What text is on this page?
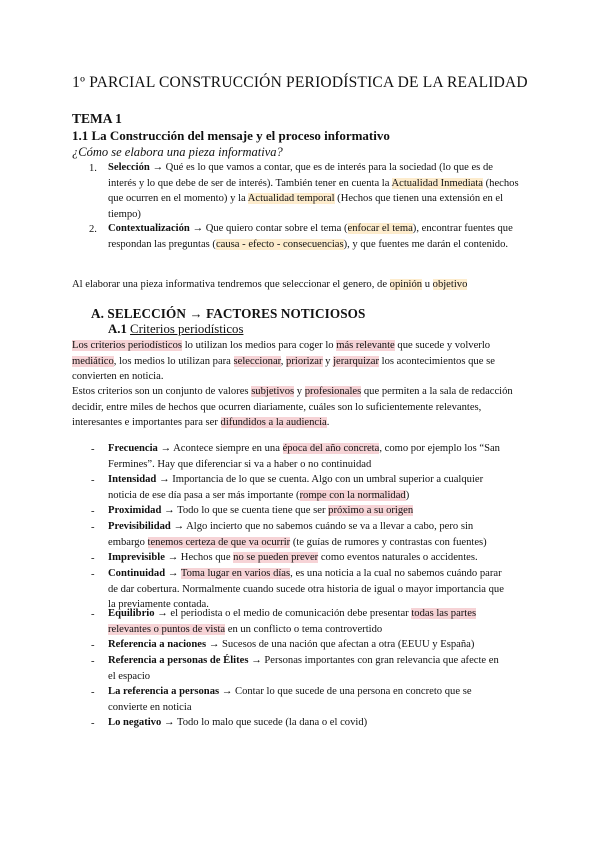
1º PARCIAL CONSTRUCCIÓN PERIODÍSTICA DE LA REALIDAD
TEMA 1
1.1 La Construcción del mensaje y el proceso informativo
¿Cómo se elabora una pieza informativa?
1. Selección → Qué es lo que vamos a contar, que es de interés para la sociedad (lo que es de interés y lo que debe de ser de interés). También tener en cuenta la Actualidad Inmediata (hechos que ocurren en el momento) y la Actualidad temporal (Hechos que tienen una extensión en el tiempo)
2. Contextualización → Que quiero contar sobre el tema (enfocar el tema), encontrar fuentes que respondan las preguntas (causa - efecto - consecuencias), y que fuentes me darán el contenido.
Al elaborar una pieza informativa tendremos que seleccionar el genero, de opinión u objetivo
A. SELECCIÓN → FACTORES NOTICIOSOS
A.1 Criterios periodísticos
Los criterios periodísticos lo utilizan los medios para coger lo más relevante que sucede y volverlo mediático, los medios lo utilizan para seleccionar, priorizar y jerarquizar los acontecimientos que se convierten en noticia.
Estos criterios son un conjunto de valores subjetivos y profesionales que permiten a la sala de redacción decidir, entre miles de hechos que ocurren diariamente, cuáles son lo suficientemente relevantes, interesantes e importantes para ser difundidos a la audiencia.
- Frecuencia → Acontece siempre en una época del año concreta, como por ejemplo los “San Fermines”. Hay que diferenciar si va a haber o no continuidad
- Intensidad → Importancia de lo que se cuenta. Algo con un umbral superior a cualquier noticia de ese día pasa a ser más importante (rompe con la normalidad)
- Proximidad → Todo lo que se cuenta tiene que ser próximo a su origen
- Previsibilidad → Algo incierto que no sabemos cuándo se va a llevar a cabo, pero sin embargo tenemos certeza de que va ocurrir (te guías de rumores y contrastas con fuentes)
- Imprevisible → Hechos que no se pueden prever como eventos naturales o accidentes.
- Continuidad → Toma lugar en varios días, es una noticia a la cual no sabemos cuándo parar de dar cobertura. Normalmente cuando sucede otra historia de igual o mayor importancia que la previamente contada.
- Equilibrio → el periodista o el medio de comunicación debe presentar todas las partes relevantes o puntos de vista en un conflicto o tema controvertido
- Referencia a naciones → Sucesos de una nación que afectan a otra (EEUU y España)
- Referencia a personas de Élites → Personas importantes con gran relevancia que afecte en el espacio
- La referencia a personas → Contar lo que sucede de una persona en concreto que se convierte en noticia
- Lo negativo → Todo lo malo que sucede (la dana o el covid)
